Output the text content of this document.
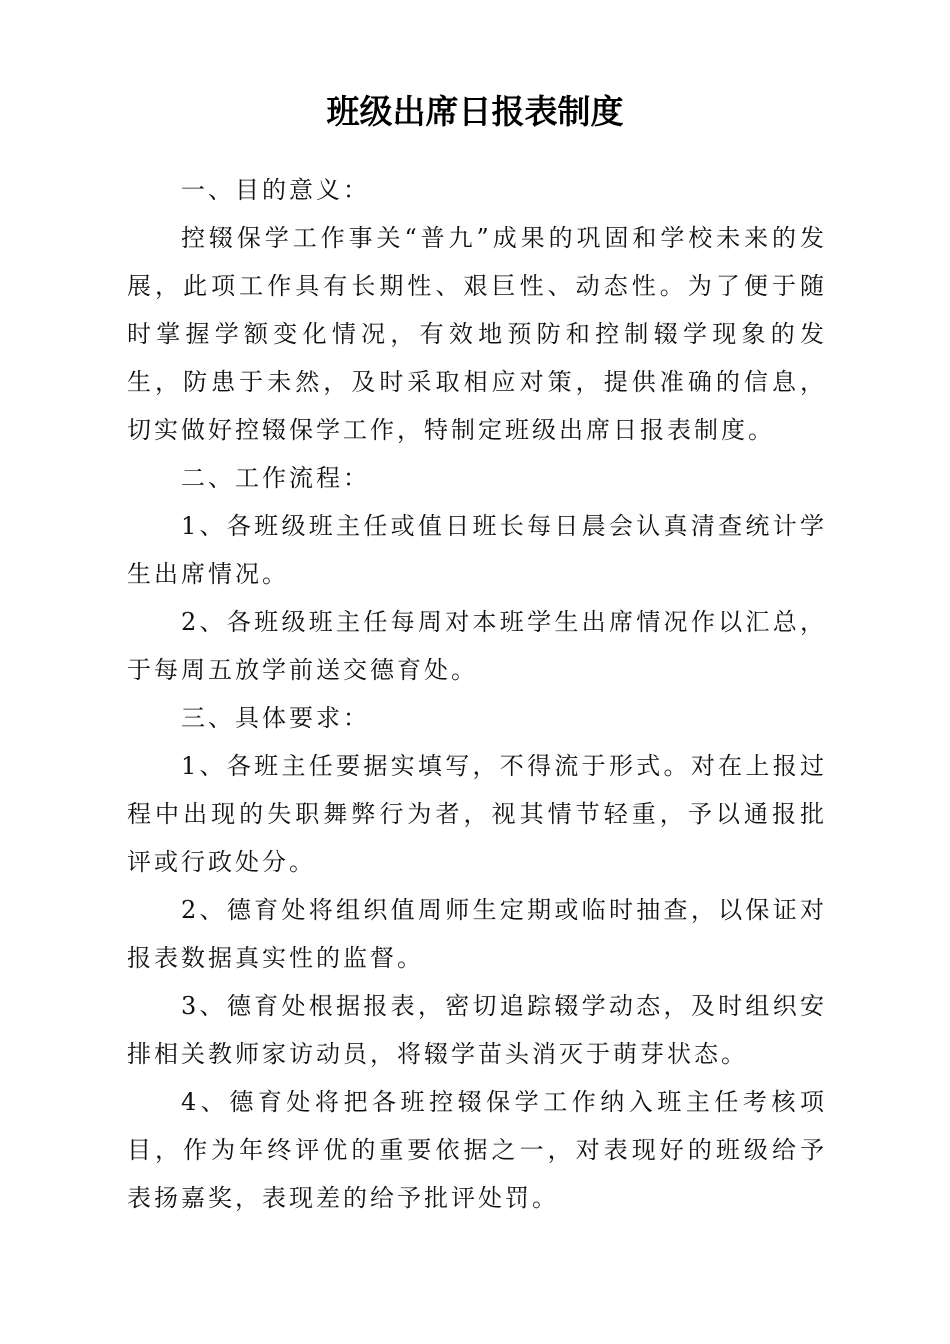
班级出席日报表制度

一、目的意义：

控辍保学工作事关“普九”成果的巩固和学校未来的发展，此项工作具有长期性、艰巨性、动态性。为了便于随时掌握学额变化情况，有效地预防和控制辍学现象的发生，防患于未然，及时采取相应对策，提供准确的信息，切实做好控辍保学工作，特制定班级出席日报表制度。

二、工作流程：

1、各班级班主任或值日班长每日晨会认真清查统计学生出席情况。

2、各班级班主任每周对本班学生出席情况作以汇总，于每周五放学前送交德育处。

三、具体要求：

1、各班主任要据实填写，不得流于形式。对在上报过程中出现的失职舞弊行为者，视其情节轻重，予以通报批评或行政处分。

2、德育处将组织值周师生定期或临时抽查，以保证对报表数据真实性的监督。

3、德育处根据报表，密切追踪辍学动态，及时组织安排相关教师家访动员，将辍学苗头消灭于萌芽状态。

4、德育处将把各班控辍保学工作纳入班主任考核项目，作为年终评优的重要依据之一，对表现好的班级给予表扬嘉奖，表现差的给予批评处罚。
